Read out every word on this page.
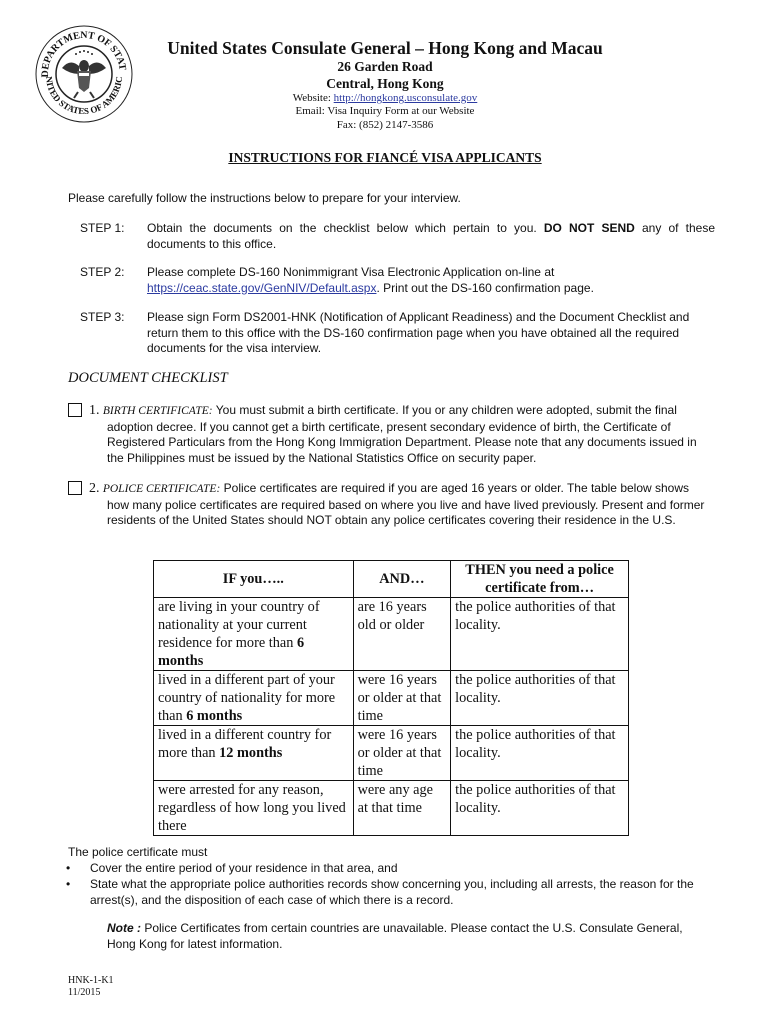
DEPARTMENT OF STAT
NITED STATES OF AMERIC
United States Consulate General – Hong Kong and Macau
26 Garden Road
Central, Hong Kong
Website: http://hongkong.usconsulate.gov
Email: Visa Inquiry Form at our Website
Fax: (852) 2147-3586
INSTRUCTIONS FOR FIANCÉ VISA APPLICANTS
Please carefully follow the instructions below to prepare for your interview.
STEP 1: Obtain the documents on the checklist below which pertain to you. DO NOT SEND any of these documents to this office.
STEP 2: Please complete DS-160 Nonimmigrant Visa Electronic Application on-line at https://ceac.state.gov/GenNIV/Default.aspx. Print out the DS-160 confirmation page.
STEP 3: Please sign Form DS2001-HNK (Notification of Applicant Readiness) and the Document Checklist and return them to this office with the DS-160 confirmation page when you have obtained all the required documents for the visa interview.
DOCUMENT CHECKLIST
1. BIRTH CERTIFICATE: You must submit a birth certificate. If you or any children were adopted, submit the final adoption decree. If you cannot get a birth certificate, present secondary evidence of birth, the Certificate of Registered Particulars from the Hong Kong Immigration Department. Please note that any documents issued in the Philippines must be issued by the National Statistics Office on security paper.
2. POLICE CERTIFICATE: Police certificates are required if you are aged 16 years or older. The table below shows how many police certificates are required based on where you live and have lived previously. Present and former residents of the United States should NOT obtain any police certificates covering their residence in the U.S.
IF you…..	AND…	THEN you need a police certificate from…
are living in your country of nationality at your current residence for more than 6 months	are 16 years old or older	the police authorities of that locality.
lived in a different part of your country of nationality for more than 6 months	were 16 years or older at that time	the police authorities of that locality.
lived in a different country for more than 12 months	were 16 years or older at that time	the police authorities of that locality.
were arrested for any reason, regardless of how long you lived there	were any age at that time	the police authorities of that locality.
The police certificate must
• Cover the entire period of your residence in that area, and
• State what the appropriate police authorities records show concerning you, including all arrests, the reason for the arrest(s), and the disposition of each case of which there is a record.
Note : Police Certificates from certain countries are unavailable. Please contact the U.S. Consulate General, Hong Kong for latest information.
HNK-1-K1
11/2015
